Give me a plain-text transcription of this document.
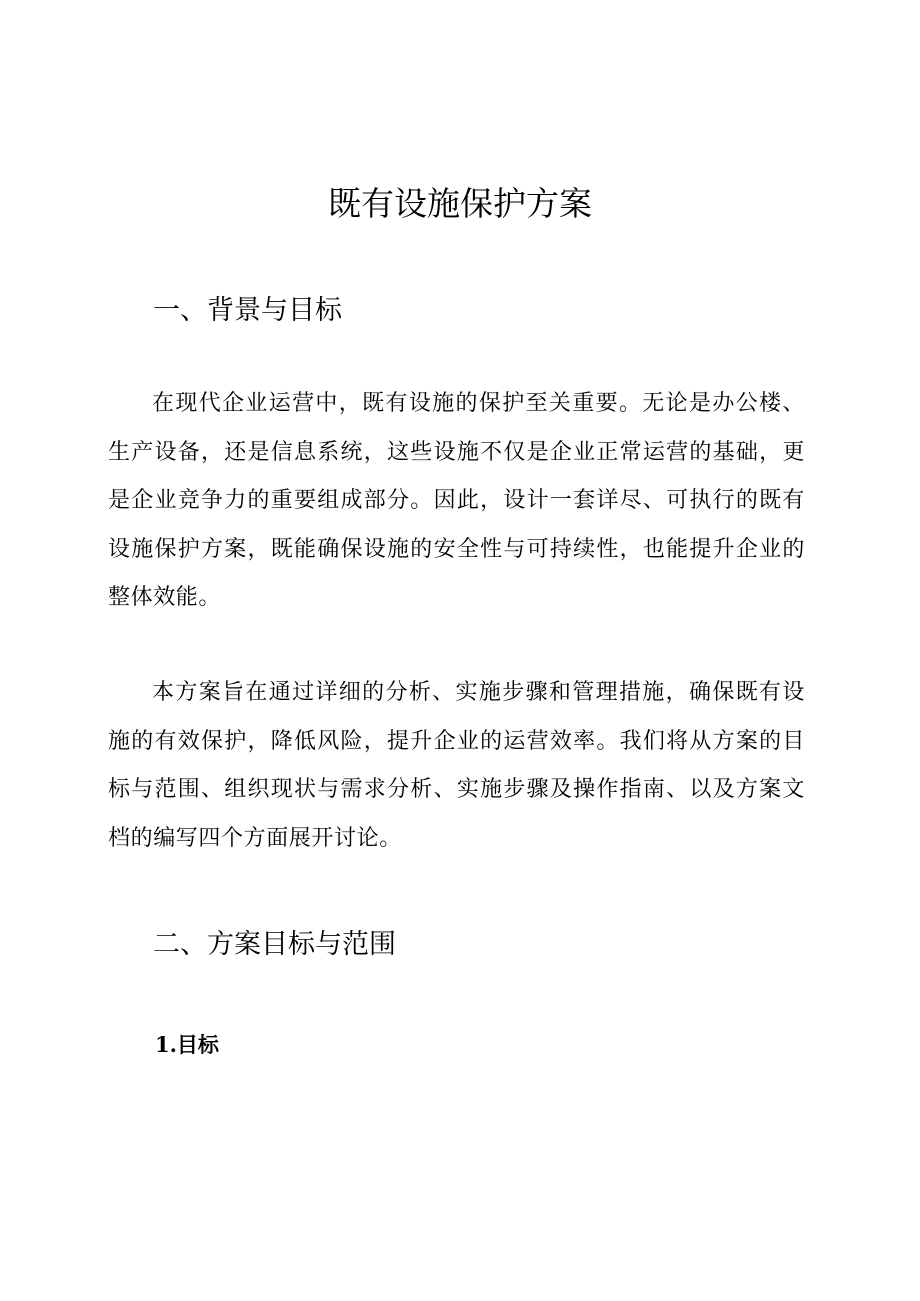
既有设施保护方案
一、背景与目标

在现代企业运营中，既有设施的保护至关重要。无论是办公楼、生产设备，还是信息系统，这些设施不仅是企业正常运营的基础，更是企业竞争力的重要组成部分。因此，设计一套详尽、可执行的既有设施保护方案，既能确保设施的安全性与可持续性，也能提升企业的整体效能。

本方案旨在通过详细的分析、实施步骤和管理措施，确保既有设施的有效保护，降低风险，提升企业的运营效率。我们将从方案的目标与范围、组织现状与需求分析、实施步骤及操作指南、以及方案文档的编写四个方面展开讨论。

二、方案目标与范围
1.目标
